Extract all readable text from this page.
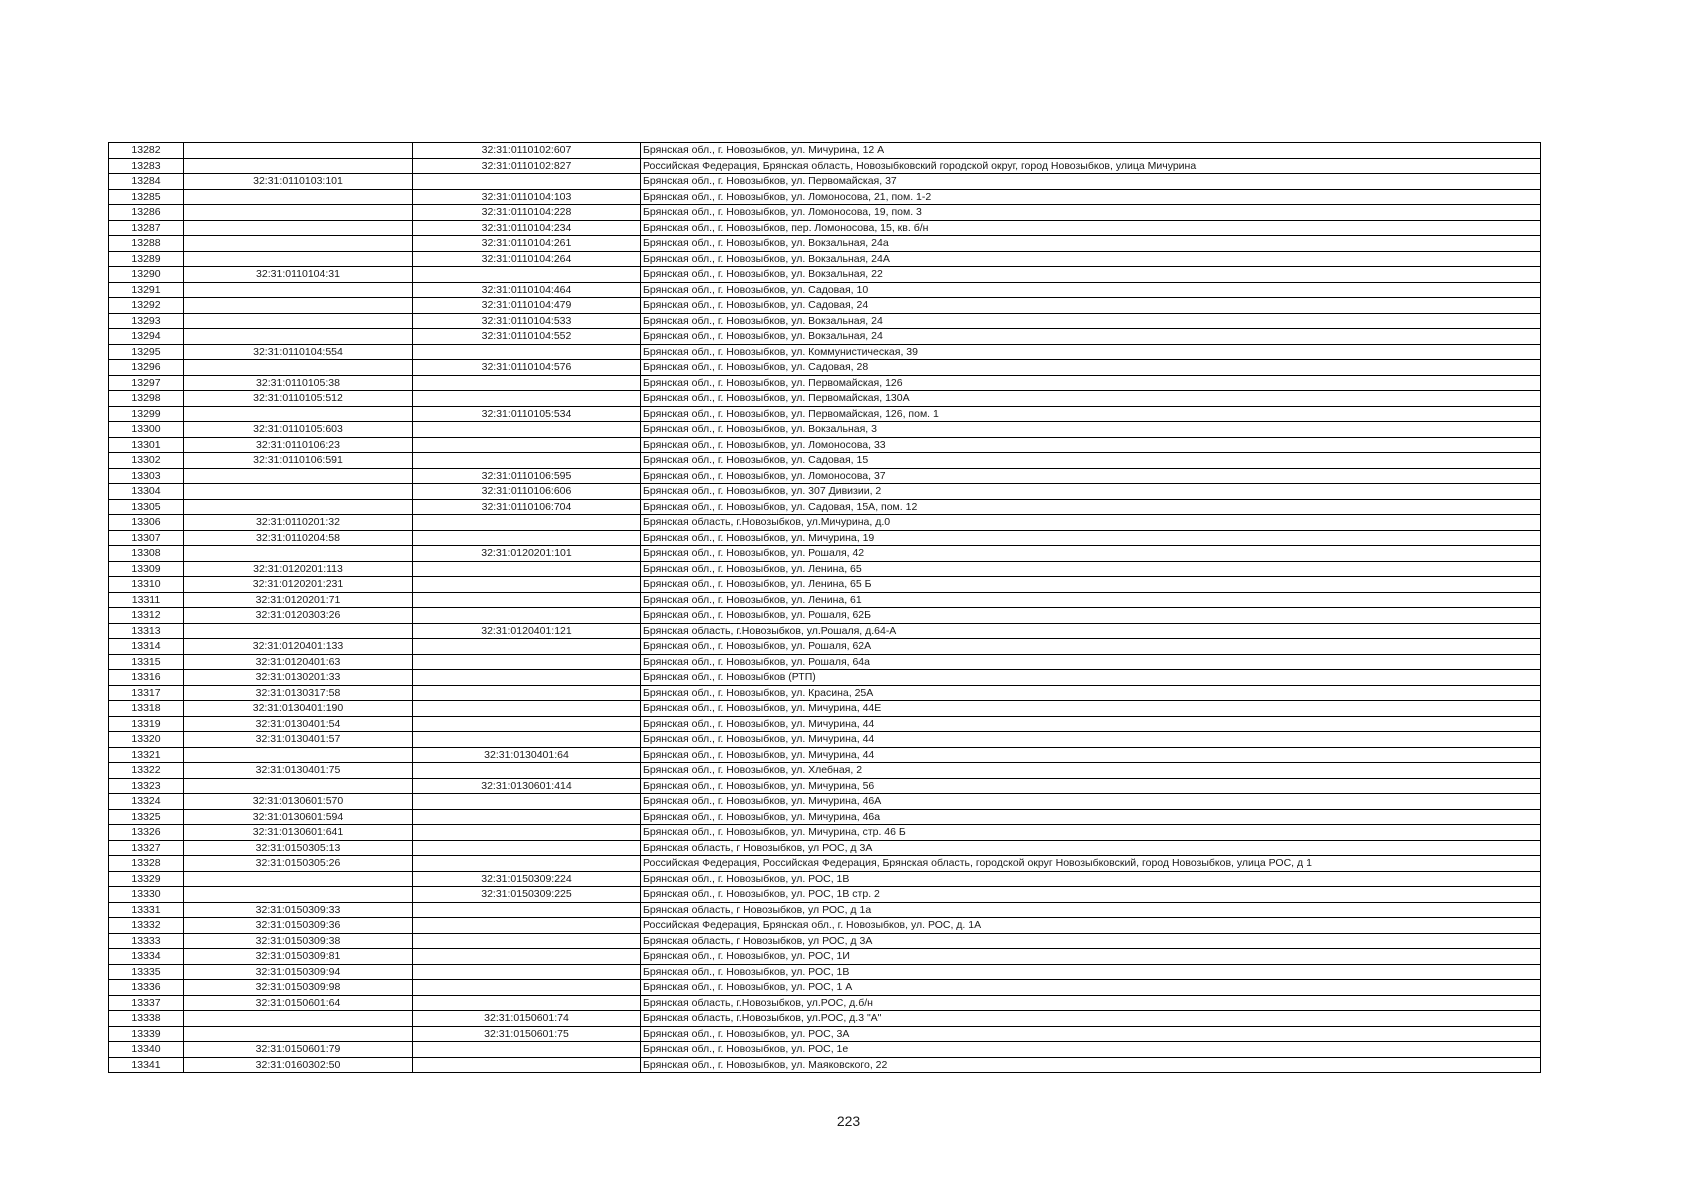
13282		32:31:0110102:607	Брянская обл., г. Новозыбков, ул. Мичурина, 12 А
13283		32:31:0110102:827	Российская Федерация, Брянская область, Новозыбковский городской округ, город Новозыбков, улица Мичурина
13284	32:31:0110103:101		Брянская обл., г. Новозыбков, ул. Первомайская, 37
13285		32:31:0110104:103	Брянская обл., г. Новозыбков, ул. Ломоносова, 21, пом. 1-2
13286		32:31:0110104:228	Брянская обл., г. Новозыбков, ул. Ломоносова, 19, пом. 3
13287		32:31:0110104:234	Брянская обл., г. Новозыбков, пер. Ломоносова, 15, кв. б/н
13288		32:31:0110104:261	Брянская обл., г. Новозыбков, ул. Вокзальная, 24а
13289		32:31:0110104:264	Брянская обл., г. Новозыбков, ул. Вокзальная, 24А
13290	32:31:0110104:31		Брянская обл., г. Новозыбков, ул. Вокзальная, 22
13291		32:31:0110104:464	Брянская обл., г. Новозыбков, ул. Садовая, 10
13292		32:31:0110104:479	Брянская обл., г. Новозыбков, ул. Садовая, 24
13293		32:31:0110104:533	Брянская обл., г. Новозыбков, ул. Вокзальная, 24
13294		32:31:0110104:552	Брянская обл., г. Новозыбков, ул. Вокзальная, 24
13295	32:31:0110104:554		Брянская обл., г. Новозыбков, ул. Коммунистическая, 39
13296		32:31:0110104:576	Брянская обл., г. Новозыбков, ул. Садовая, 28
13297	32:31:0110105:38		Брянская обл., г. Новозыбков, ул. Первомайская, 126
13298	32:31:0110105:512		Брянская обл., г. Новозыбков, ул. Первомайская, 130А
13299		32:31:0110105:534	Брянская обл., г. Новозыбков, ул. Первомайская, 126, пом. 1
13300	32:31:0110105:603		Брянская обл., г. Новозыбков, ул. Вокзальная, 3
13301	32:31:0110106:23		Брянская обл., г. Новозыбков, ул. Ломоносова, 33
13302	32:31:0110106:591		Брянская обл., г. Новозыбков, ул. Садовая, 15
13303		32:31:0110106:595	Брянская обл., г. Новозыбков, ул. Ломоносова, 37
13304		32:31:0110106:606	Брянская обл., г. Новозыбков, ул. 307 Дивизии, 2
13305		32:31:0110106:704	Брянская обл., г. Новозыбков, ул. Садовая, 15А, пом. 12
13306	32:31:0110201:32		Брянская область, г.Новозыбков, ул.Мичурина, д.0
13307	32:31:0110204:58		Брянская обл., г. Новозыбков, ул. Мичурина, 19
13308		32:31:0120201:101	Брянская обл., г. Новозыбков, ул. Рошаля, 42
13309	32:31:0120201:113		Брянская обл., г. Новозыбков, ул. Ленина, 65
13310	32:31:0120201:231		Брянская обл., г. Новозыбков, ул. Ленина, 65 Б
13311	32:31:0120201:71		Брянская обл., г. Новозыбков, ул. Ленина, 61
13312	32:31:0120303:26		Брянская обл., г. Новозыбков, ул. Рошаля, 62Б
13313		32:31:0120401:121	Брянская область, г.Новозыбков, ул.Рошаля, д.64-А
13314	32:31:0120401:133		Брянская обл., г. Новозыбков, ул. Рошаля, 62А
13315	32:31:0120401:63		Брянская обл., г. Новозыбков, ул. Рошаля, 64а
13316	32:31:0130201:33		Брянская обл., г. Новозыбков (РТП)
13317	32:31:0130317:58		Брянская обл., г. Новозыбков, ул. Красина, 25А
13318	32:31:0130401:190		Брянская обл., г. Новозыбков, ул. Мичурина, 44Е
13319	32:31:0130401:54		Брянская обл., г. Новозыбков, ул. Мичурина, 44
13320	32:31:0130401:57		Брянская обл., г. Новозыбков, ул. Мичурина, 44
13321		32:31:0130401:64	Брянская обл., г. Новозыбков, ул. Мичурина, 44
13322	32:31:0130401:75		Брянская обл., г. Новозыбков, ул. Хлебная, 2
13323		32:31:0130601:414	Брянская обл., г. Новозыбков, ул. Мичурина, 56
13324	32:31:0130601:570		Брянская обл., г. Новозыбков, ул. Мичурина, 46А
13325	32:31:0130601:594		Брянская обл., г. Новозыбков, ул. Мичурина, 46а
13326	32:31:0130601:641		Брянская обл., г. Новозыбков, ул. Мичурина, стр. 46 Б
13327	32:31:0150305:13		Брянская область, г Новозыбков, ул РОС, д 3А
13328	32:31:0150305:26		Российская Федерация, Российская Федерация, Брянская область, городской округ Новозыбковский, город Новозыбков, улица РОС, д 1
13329		32:31:0150309:224	Брянская обл., г. Новозыбков, ул. РОС, 1В
13330		32:31:0150309:225	Брянская обл., г. Новозыбков, ул. РОС, 1В стр. 2
13331	32:31:0150309:33		Брянская область, г Новозыбков, ул РОС, д 1а
13332	32:31:0150309:36		Российская Федерация, Брянская обл., г. Новозыбков, ул. РОС, д. 1А
13333	32:31:0150309:38		Брянская область, г Новозыбков, ул РОС, д 3А
13334	32:31:0150309:81		Брянская обл., г. Новозыбков, ул. РОС, 1И
13335	32:31:0150309:94		Брянская обл., г. Новозыбков, ул. РОС, 1В
13336	32:31:0150309:98		Брянская обл., г. Новозыбков, ул. РОС, 1 А
13337	32:31:0150601:64		Брянская область, г.Новозыбков, ул.РОС, д.б/н
13338		32:31:0150601:74	Брянская область, г.Новозыбков, ул.РОС, д.3 "А"
13339		32:31:0150601:75	Брянская обл., г. Новозыбков, ул. РОС, 3А
13340	32:31:0150601:79		Брянская обл., г. Новозыбков, ул. РОС, 1е
13341	32:31:0160302:50		Брянская обл., г. Новозыбков, ул. Маяковского, 22
223
